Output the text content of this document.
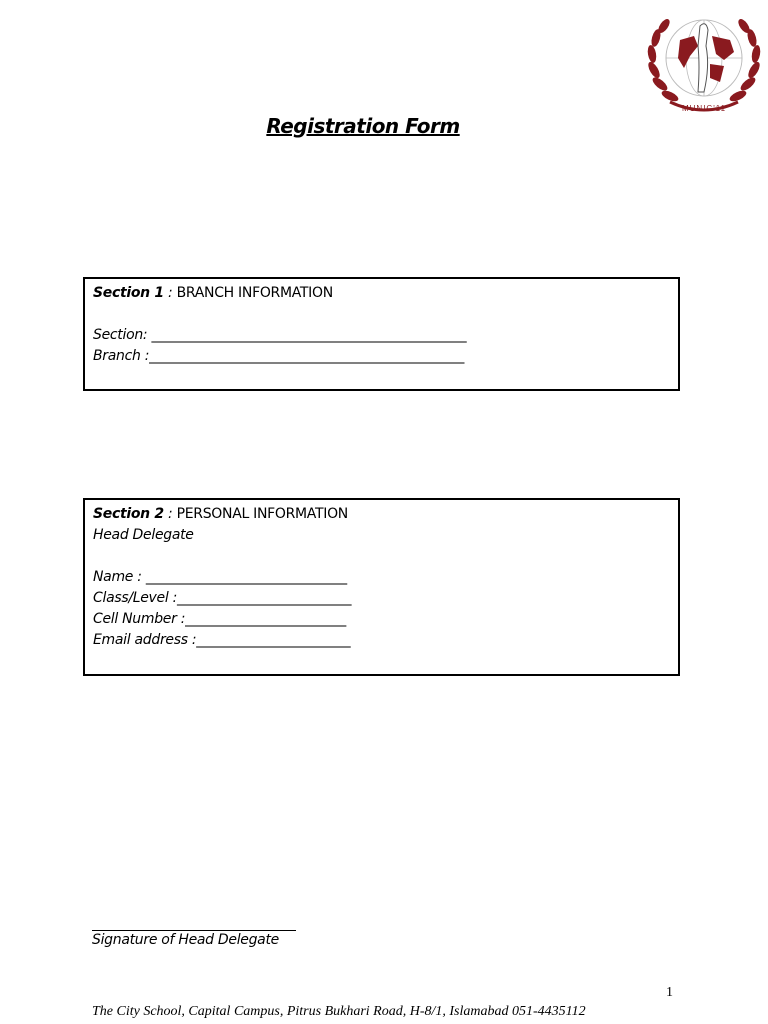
MUNIC'11
Registration Form
Section 1 : BRANCH INFORMATION
Section: _______________________________________________
Branch :_______________________________________________
Section 2 : PERSONAL INFORMATION
Head Delegate
Name : ______________________________
Class/Level :__________________________
Cell Number :________________________
Email address :_______________________
Signature of Head Delegate
1
The City School, Capital Campus, Pitrus Bukhari Road, H-8/1, Islamabad 051-4435112
